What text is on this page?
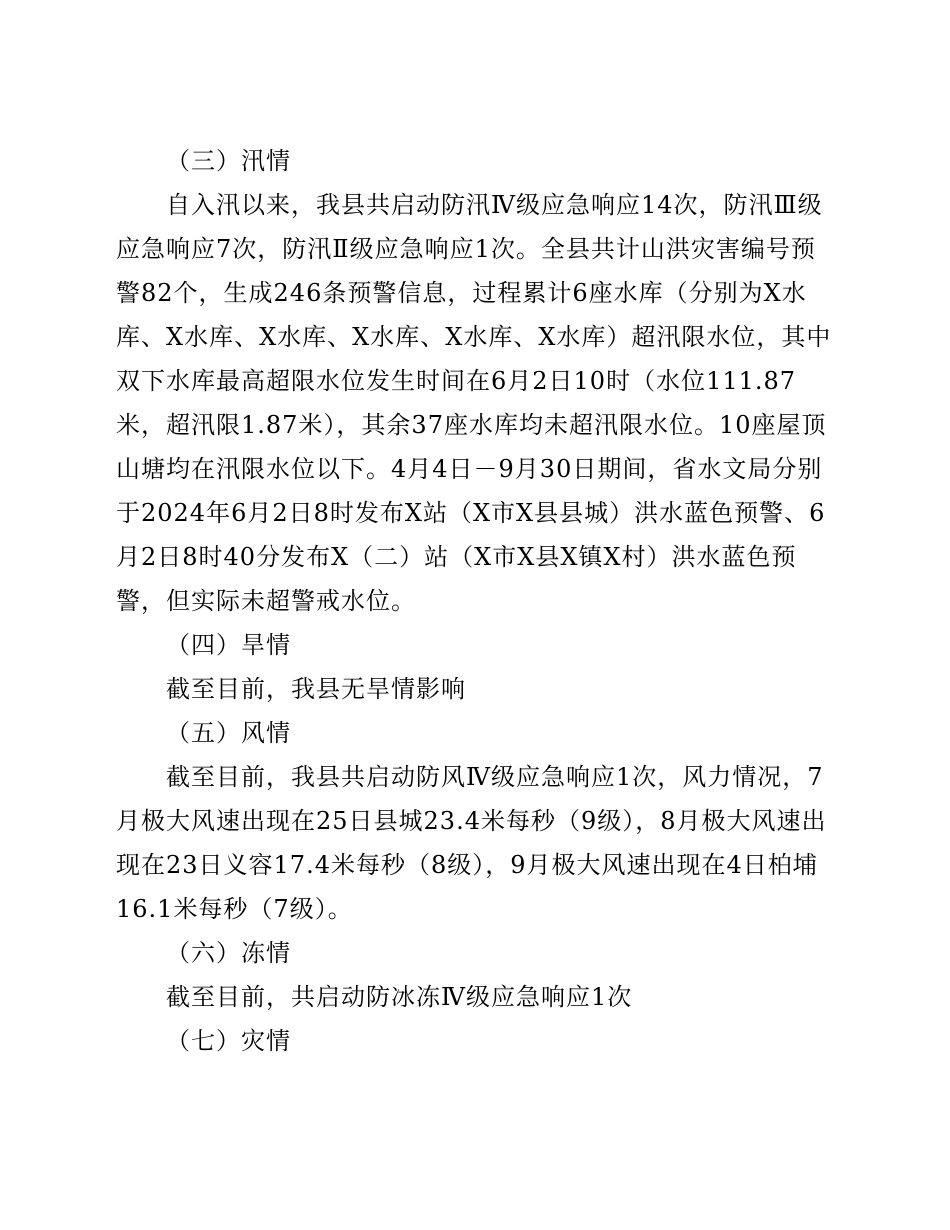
（三）汛情

自入汛以来，我县共启动防汛Ⅳ级应急响应14次，防汛Ⅲ级应急响应7次，防汛Ⅱ级应急响应1次。全县共计山洪灾害编号预警82个，生成246条预警信息，过程累计6座水库（分别为X水库、X水库、X水库、X水库、X水库、X水库）超汛限水位，其中双下水库最高超限水位发生时间在6月2日10时（水位111.87米，超汛限1.87米），其余37座水库均未超汛限水位。10座屋顶山塘均在汛限水位以下。4月4日－9月30日期间，省水文局分别于2024年6月2日8时发布X站（X市X县县城）洪水蓝色预警、6月2日8时40分发布X（二）站（X市X县X镇X村）洪水蓝色预警，但实际未超警戒水位。

（四）旱情

截至目前，我县无旱情影响

（五）风情

截至目前，我县共启动防风Ⅳ级应急响应1次，风力情况，7月极大风速出现在25日县城23.4米每秒（9级），8月极大风速出现在23日义容17.4米每秒（8级），9月极大风速出现在4日柏埔16.1米每秒（7级）。

（六）冻情

截至目前，共启动防冰冻Ⅳ级应急响应1次

（七）灾情
